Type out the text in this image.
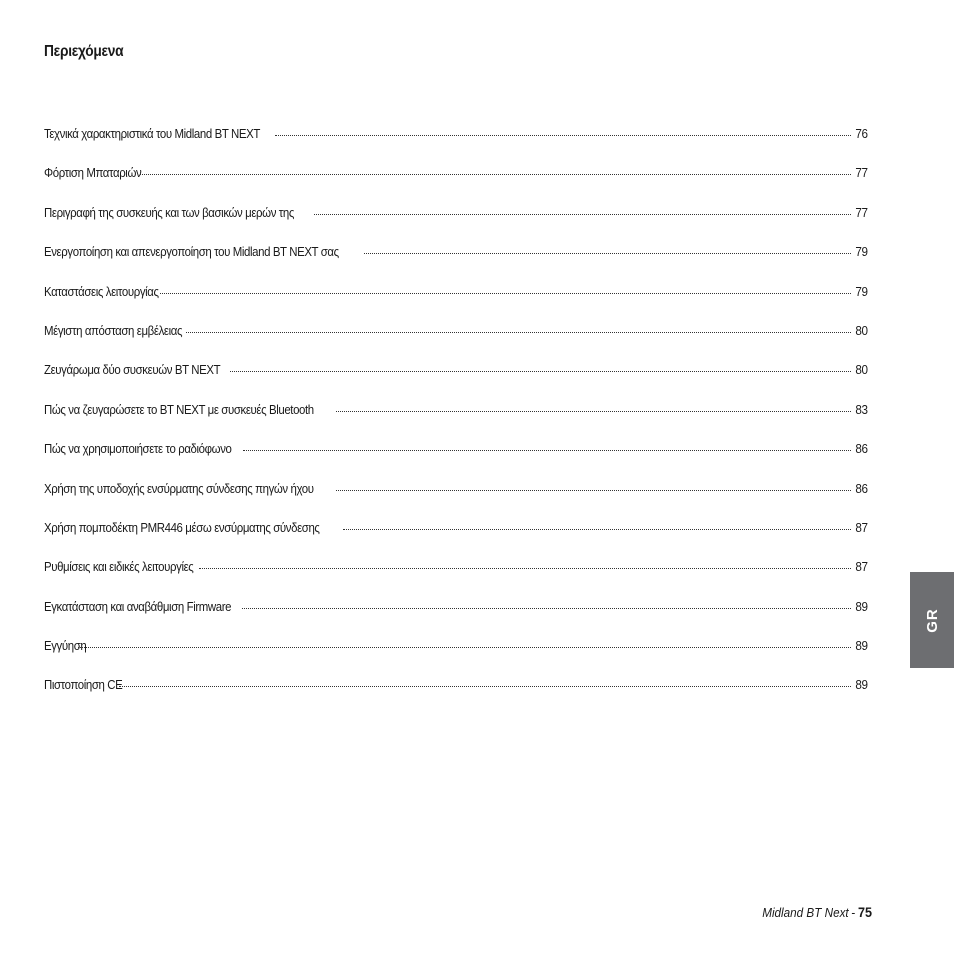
Περιεχόμενα
Τεχνικά χαρακτηριστικά του Midland BT NEXT	76
Φόρτιση Μπαταριών	77
Περιγραφή της συσκευής και των βασικών μερών της	77
Ενεργοποίηση και απενεργοποίηση του Midland BT NEXT σας	79
Καταστάσεις λειτουργίας	79
Μέγιστη απόσταση εμβέλειας	80
Ζευγάρωμα δύο συσκευών BT NEXT	80
Πώς να ζευγαρώσετε το BT NEXT με συσκευές Bluetooth	83
Πώς να χρησιμοποιήσετε το ραδιόφωνο	86
Χρήση της υποδοχής ενσύρματης σύνδεσης πηγών ήχου	86
Χρήση πομποδέκτη PMR446 μέσω ενσύρματης σύνδεσης	87
Ρυθμίσεις και ειδικές λειτουργίες	87
Εγκατάσταση και αναβάθμιση Firmware	89
Εγγύηση	89
Πιστοποίηση CE	89
GR
Midland BT Next - 75
